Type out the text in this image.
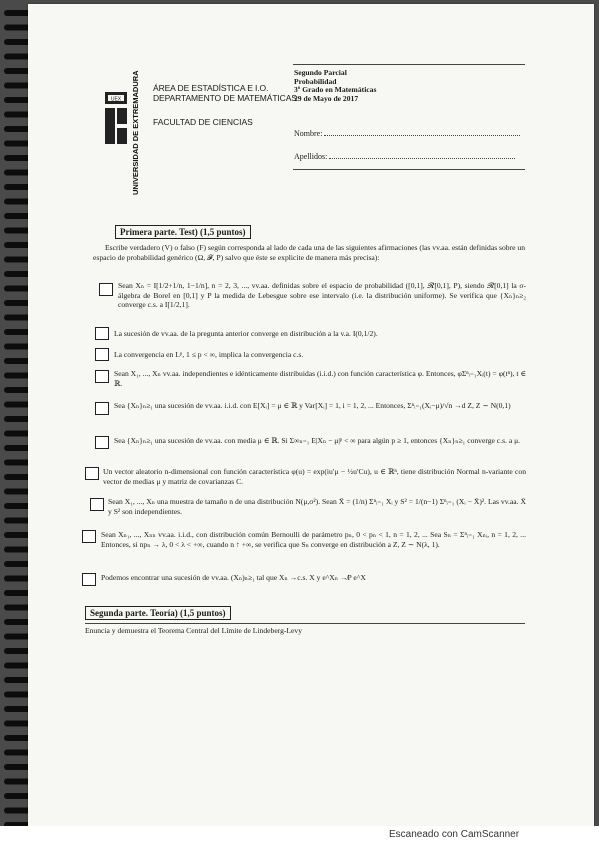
UNIVERSIDAD DE EXTREMADURA
UEX
ÁREA DE ESTADÍSTICA E I.O.
DEPARTAMENTO DE MATEMÁTICAS
FACULTAD DE CIENCIAS
Segundo Parcial
Probabilidad
3º Grado en Matemáticas
29 de Mayo de 2017
Nombre:
Apellidos:
Primera parte. Test) (1,5 puntos)
Escribe verdadero (V) o falso (F) según corresponda al lado de cada una de las siguientes afirmaciones (las vv.aa. están definidas sobre un espacio de probabilidad genérico (Ω, 𝓕, P) salvo que éste se explicite de manera más precisa):
Sean Xₙ = I[1/2+1/n, 1−1/n], n = 2, 3, ..., vv.aa. definidas sobre el espacio de probabilidad ([0,1], 𝓡[0,1], P), siendo 𝓡[0,1] la σ-álgebra de Borel en [0,1] y P la medida de Lebesgue sobre ese intervalo (i.e. la distribución uniforme). Se verifica que {Xₙ}ₙ≥₂ converge c.s. a I[1/2,1].
La sucesión de vv.aa. de la pregunta anterior converge en distribución a la v.a. I(0,1/2).
La convergencia en Lᵖ, 1 ≤ p < ∞, implica la convergencia c.s.
Sean X₁, ..., Xₙ vv.aa. independientes e idénticamente distribuidas (i.i.d.) con función característica φ. Entonces, φΣⁿᵢ₌₁Xᵢ(t) = φ(tⁿ), t ∈ ℝ.
Sea {Xₙ}ₙ≥₁ una sucesión de vv.aa. i.i.d. con E[Xᵢ] = μ ∈ ℝ y Var[Xᵢ] = 1, i = 1, 2, ... Entonces, Σⁿᵢ₌₁(Xᵢ−μ)/√n →d Z, Z ∼ N(0,1)
Sea {Xₙ}ₙ≥₁ una sucesión de vv.aa. con media μ ∈ ℝ. Si Σ∞ₙ₌₁ E|Xₙ − μ|ᵖ < ∞ para algún p ≥ 1, entonces {Xₙ}ₙ≥₁ converge c.s. a μ.
Un vector aleatorio n-dimensional con función característica φ(u) = exp(iu′μ − ½u′Cu), u ∈ ℝⁿ, tiene distribución Normal n-variante con vector de medias μ y matriz de covarianzas C.
Sean X₁, ..., Xₙ una muestra de tamaño n de una distribución N(μ,σ²). Sean X̄ = (1/n) Σⁿᵢ₌₁ Xᵢ y S² = 1/(n−1) Σⁿᵢ₌₁ (Xᵢ − X̄)². Las vv.aa. X̄ y S² son independientes.
Sean Xₙ₁, ..., Xₙₙ vv.aa. i.i.d., con distribución común Bernoulli de parámetro pₙ, 0 < pₙ < 1, n = 1, 2, ... Sea Sₙ = Σⁿᵢ₌₁ Xₙᵢ, n = 1, 2, ... Entonces, si npₙ → λ, 0 < λ < +∞, cuando n ↑ +∞, se verifica que Sₙ converge en distribución a Z, Z ∼ N(λ, 1).
Podemos encontrar una sucesión de vv.aa. (Xₙ)ₙ≥₁ tal que Xₙ →c.s. X y e^Xₙ ↛P e^X
Segunda parte. Teoría) (1,5 puntos)
Enuncia y demuestra el Teorema Central del Límite de Lindeberg-Levy
Escaneado con CamScanner
